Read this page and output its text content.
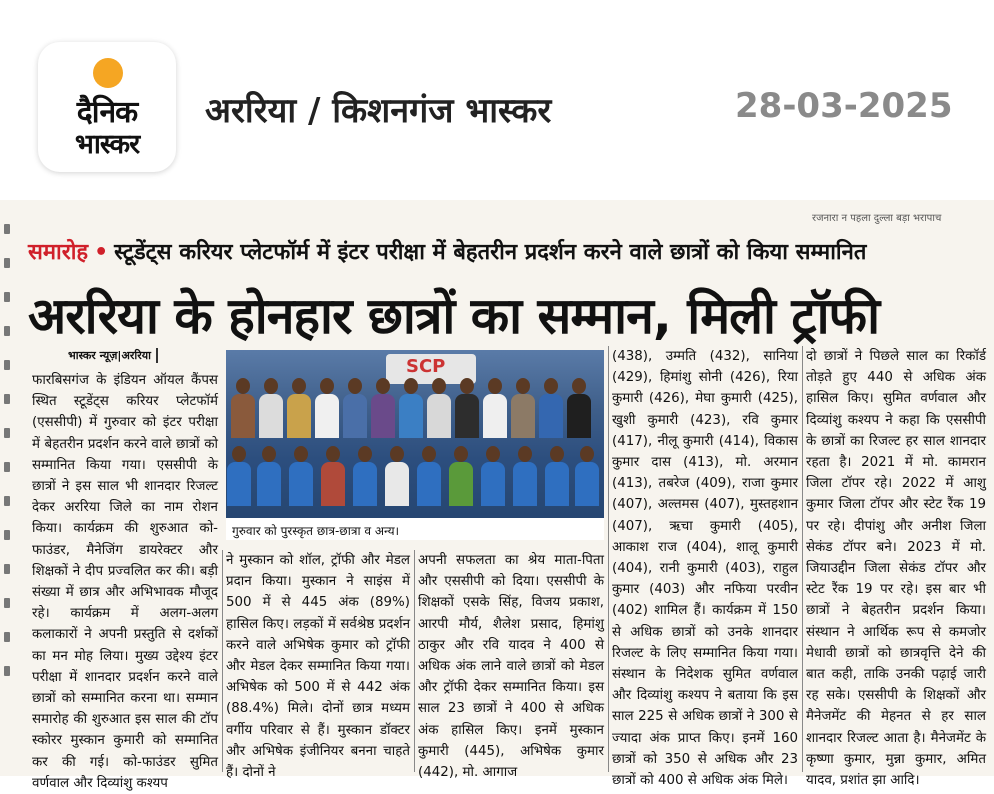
दैनिक
भास्कर
अररिया / किशनगंज भास्कर	28-03-2025
रजनारा न पहला दुल्ला बड़ा भरापाच
समारोह • स्टूडेंट्स करियर प्लेटफॉर्म में इंटर परीक्षा में बेहतरीन प्रदर्शन करने वाले छात्रों को किया सम्मानित
अररिया के होनहार छात्रों का सम्मान, मिली ट्रॉफी
भास्कर न्यूज़|अररिया
फारबिसगंज के इंडियन ऑयल कैंपस स्थित स्टूडेंट्स करियर प्लेटफॉर्म (एससीपी) में गुरुवार को इंटर परीक्षा में बेहतरीन प्रदर्शन करने वाले छात्रों को सम्मानित किया गया। एससीपी के छात्रों ने इस साल भी शानदार रिजल्ट देकर अररिया जिले का नाम रोशन किया। कार्यक्रम की शुरुआत को-फाउंडर, मैनेजिंग डायरेक्टर और शिक्षकों ने दीप प्रज्वलित कर की। बड़ी संख्या में छात्र और अभिभावक मौजूद रहे। कार्यक्रम में अलग-अलग कलाकारों ने अपनी प्रस्तुति से दर्शकों का मन मोह लिया। मुख्य उद्देश्य इंटर परीक्षा में शानदार प्रदर्शन करने वाले छात्रों को सम्मानित करना था। सम्मान समारोह की शुरुआत इस साल की टॉप स्कोरर मुस्कान कुमारी को सम्मानित कर की गई। को-फाउंडर सुमित वर्णवाल और दिव्यांशु कश्यप
SCP
गुरुवार को पुरस्कृत छात्र-छात्रा व अन्य।
ने मुस्कान को शॉल, ट्रॉफी और मेडल प्रदान किया। मुस्कान ने साइंस में 500 में से 445 अंक (89%) हासिल किए। लड़कों में सर्वश्रेष्ठ प्रदर्शन करने वाले अभिषेक कुमार को ट्रॉफी और मेडल देकर सम्मानित किया गया। अभिषेक को 500 में से 442 अंक (88.4%) मिले। दोनों छात्र मध्यम वर्गीय परिवार से हैं। मुस्कान डॉक्टर और अभिषेक इंजीनियर बनना चाहते हैं। दोनों ने
अपनी सफलता का श्रेय माता-पिता और एससीपी को दिया। एससीपी के शिक्षकों एसके सिंह, विजय प्रकाश, आरपी मौर्य, शैलेश प्रसाद, हिमांशु ठाकुर और रवि यादव ने 400 से अधिक अंक लाने वाले छात्रों को मेडल और ट्रॉफी देकर सम्मानित किया। इस साल 23 छात्रों ने 400 से अधिक अंक हासिल किए। इनमें मुस्कान कुमारी (445), अभिषेक कुमार (442), मो. आगाज
(438), उम्मति (432), सानिया (429), हिमांशु सोनी (426), रिया कुमारी (426), मेघा कुमारी (425), खुशी कुमारी (423), रवि कुमार (417), नीलू कुमारी (414), विकास कुमार दास (413), मो. अरमान (413), तबरेज (409), राजा कुमार (407), अल्तमस (407), मुस्तहशान (407), ऋचा कुमारी (405), आकाश राज (404), शालू कुमारी (404), रानी कुमारी (403), राहुल कुमार (403) और नफिया परवीन (402) शामिल हैं। कार्यक्रम में 150 से अधिक छात्रों को उनके शानदार रिजल्ट के लिए सम्मानित किया गया। संस्थान के निदेशक सुमित वर्णवाल और दिव्यांशु कश्यप ने बताया कि इस साल 225 से अधिक छात्रों ने 300 से ज्यादा अंक प्राप्त किए। इनमें 160 छात्रों को 350 से अधिक और 23 छात्रों को 400 से अधिक अंक मिले।
दो छात्रों ने पिछले साल का रिकॉर्ड तोड़ते हुए 440 से अधिक अंक हासिल किए। सुमित वर्णवाल और दिव्यांशु कश्यप ने कहा कि एससीपी के छात्रों का रिजल्ट हर साल शानदार रहता है। 2021 में मो. कामरान जिला टॉपर रहे। 2022 में आशु कुमार जिला टॉपर और स्टेट रैंक 19 पर रहे। दीपांशु और अनीश जिला सेकंड टॉपर बने। 2023 में मो. जियाउद्दीन जिला सेकंड टॉपर और स्टेट रैंक 19 पर रहे। इस बार भी छात्रों ने बेहतरीन प्रदर्शन किया। संस्थान ने आर्थिक रूप से कमजोर मेधावी छात्रों को छात्रवृत्ति देने की बात कही, ताकि उनकी पढ़ाई जारी रह सके। एससीपी के शिक्षकों और मैनेजमेंट की मेहनत से हर साल शानदार रिजल्ट आता है। मैनेजमेंट के कृष्णा कुमार, मुन्ना कुमार, अमित यादव, प्रशांत झा आदि।
